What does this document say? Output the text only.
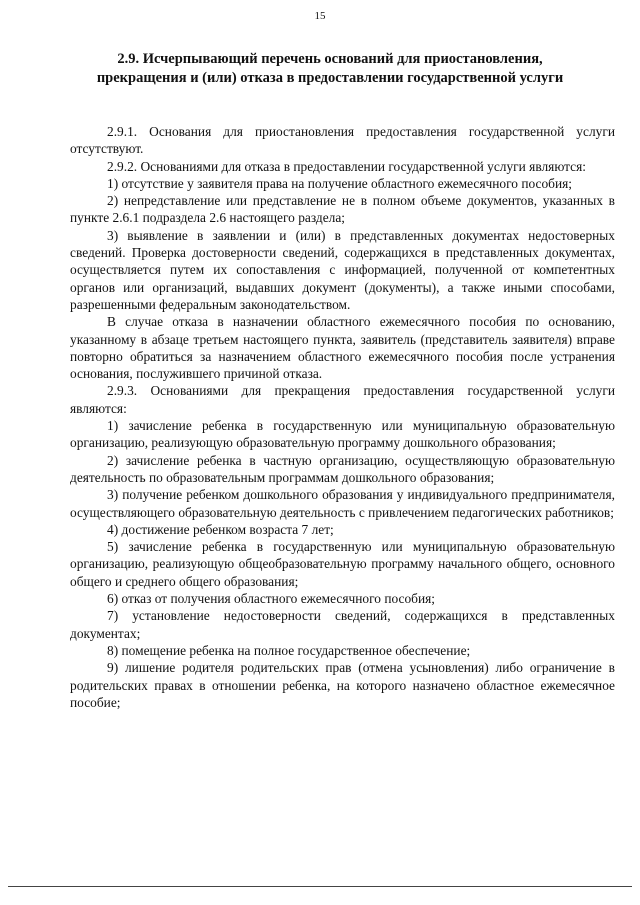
15
2.9. Исчерпывающий перечень оснований для приостановления, прекращения и (или) отказа в предоставлении государственной услуги

2.9.1. Основания для приостановления предоставления государственной услуги отсутствуют.

2.9.2. Основаниями для отказа в предоставлении государственной услуги являются:

1) отсутствие у заявителя права на получение областного ежемесячного пособия;

2) непредставление или представление не в полном объеме документов, указанных в пункте 2.6.1 подраздела 2.6 настоящего раздела;

3) выявление в заявлении и (или) в представленных документах недостоверных сведений. Проверка достоверности сведений, содержащихся в представленных документах, осуществляется путем их сопоставления с информацией, полученной от компетентных органов или организаций, выдавших документ (документы), а также иными способами, разрешенными федеральным законодательством.

В случае отказа в назначении областного ежемесячного пособия по основанию, указанному в абзаце третьем настоящего пункта, заявитель (представитель заявителя) вправе повторно обратиться за назначением областного ежемесячного пособия после устранения основания, послужившего причиной отказа.

2.9.3. Основаниями для прекращения предоставления государственной услуги являются:

1) зачисление ребенка в государственную или муниципальную образовательную организацию, реализующую образовательную программу дошкольного образования;

2) зачисление ребенка в частную организацию, осуществляющую образовательную деятельность по образовательным программам дошкольного образования;

3) получение ребенком дошкольного образования у индивидуального предпринимателя, осуществляющего образовательную деятельность с привлечением педагогических работников;

4) достижение ребенком возраста 7 лет;

5) зачисление ребенка в государственную или муниципальную образовательную организацию, реализующую общеобразовательную программу начального общего, основного общего и среднего общего образования;

6) отказ от получения областного ежемесячного пособия;

7) установление недостоверности сведений, содержащихся в представленных документах;

8) помещение ребенка на полное государственное обеспечение;

9) лишение родителя родительских прав (отмена усыновления) либо ограничение в родительских правах в отношении ребенка, на которого назначено областное ежемесячное пособие;
